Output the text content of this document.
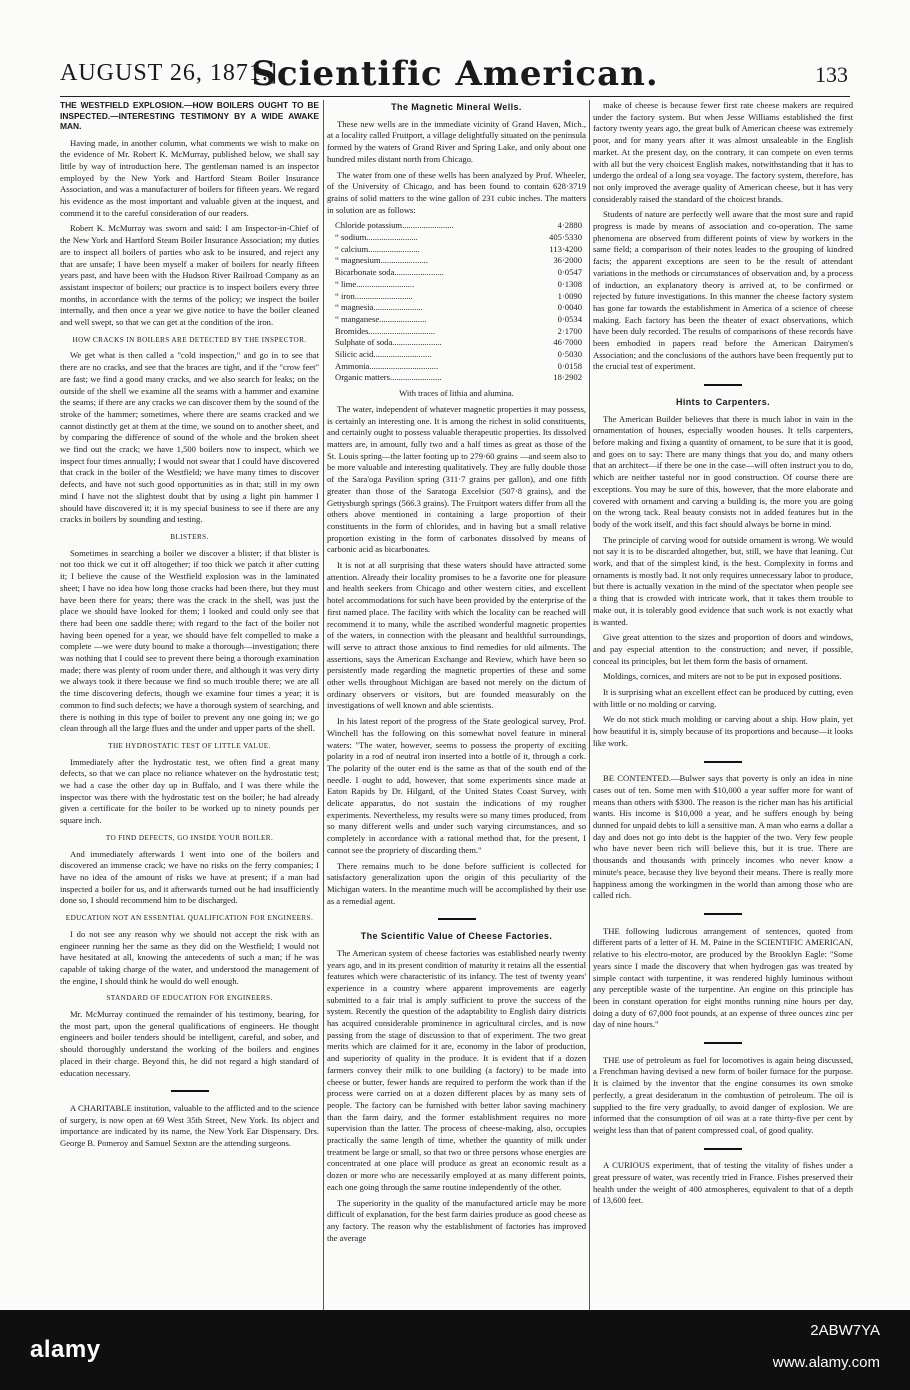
AUGUST 26, 1871.]
Scientific American.	133
THE WESTFIELD EXPLOSION.—HOW BOILERS OUGHT TO BE INSPECTED.—INTERESTING TESTIMONY BY A WIDE AWAKE MAN.

Having made, in another column, what comments we wish to make on the evidence of Mr. Robert K. McMurray, published below, we shall say little by way of introduction here. The gentleman named is an inspector employed by the New York and Hartford Steam Boiler Insurance Association, and was a manufacturer of boilers for fifteen years. We regard his evidence as the most important and valuable given at the inquest, and commend it to the careful consideration of our readers.

Robert K. McMurray was sworn and said: I am Inspector-in-Chief of the New York and Hartford Steam Boiler Insurance Association; my duties are to inspect all boilers of parties who ask to be insured, and reject any that are unsafe; I have been myself a maker of boilers for nearly fifteen years past, and have been with the Hudson River Railroad Company as an assistant inspector of boilers; our practice is to inspect boilers every three months, in accordance with the terms of the policy; we inspect the boiler internally, and then once a year we give notice to have the boiler cleaned and well swept, so that we can get at the condition of the iron.

HOW CRACKS IN BOILERS ARE DETECTED BY THE INSPECTOR.

We get what is then called a "cold inspection," and go in to see that there are no cracks, and see that the braces are tight, and if the "crow feet" are fast; we find a good many cracks, and we also search for leaks; on the outside of the shell we examine all the seams with a hammer and examine the seams; if there are any cracks we can discover them by the sound of the stroke of the hammer; sometimes, where there are seams cracked and we cannot distinctly get at them at the time, we sound on to another sheet, and by comparing the difference of sound of the whole and the broken sheet we find out the crack; we have 1,500 boilers now to inspect, which we inspect four times annually; I would not swear that I could have discovered that crack in the boiler of the Westfield; we have many times to discover defects, and have not such good opportunities as in that; still in my own mind I have not the slightest doubt that by using a light pin hammer I should have discovered it; it is my special business to see if there are any cracks in boilers by sounding and testing.

BLISTERS.

Sometimes in searching a boiler we discover a blister; if that blister is not too thick we cut it off altogether; if too thick we patch it after cutting it; I believe the cause of the Westfield explosion was in the laminated sheet; I have no idea how long those cracks had been there, but they must have been there for years; there was the crack in the shell, was just the place we should have looked for them; I looked and could only see that there had been one saddle there; with regard to the fact of the boiler not having been opened for a year, we should have felt compelled to make a complete —we were duty bound to make a thorough—investigation; there was nothing that I could see to prevent there being a thorough examination made; there was plenty of room under there, and although it was very dirty we always took it there because we find so much trouble there; we are all the time discovering defects, though we examine four times a year; it is common to find such defects; we have a thorough system of searching, and there is nothing in this type of boiler to prevent any one going in; we go clean through all the large flues and the under and upper parts of the shell.

THE HYDROSTATIC TEST OF LITTLE VALUE.

Immediately after the hydrostatic test, we often find a great many defects, so that we can place no reliance whatever on the hydrostatic test; we had a case the other day up in Buffalo, and I was there while the inspector was there with the hydrostatic test on the boiler; he had already given a certificate for the boiler to be worked up to ninety pounds per square inch.

TO FIND DEFECTS, GO INSIDE YOUR BOILER.

And immediately afterwards I went into one of the boilers and discovered an immense crack; we have no risks on the ferry companies; I have no idea of the amount of risks we have at present; if a man had inspected a boiler for us, and it afterwards turned out he had insufficiently done so, I should recommend him to be discharged.

EDUCATION NOT AN ESSENTIAL QUALIFICATION FOR ENGINEERS.

I do not see any reason why we should not accept the risk with an engineer running her the same as they did on the Westfield; I would not have hesitated at all, knowing the antecedents of such a man; if he was capable of taking charge of the water, and understood the management of the engine, I should think he would do well enough.

STANDARD OF EDUCATION FOR ENGINEERS.

Mr. McMurray continued the remainder of his testimony, bearing, for the most part, upon the general qualifications of engineers. He thought engineers and boiler tenders should be intelligent, careful, and sober, and should thoroughly understand the working of the boilers and engines placed in their charge. Beyond this, he did not regard a high standard of education necessary.

A CHARITABLE institution, valuable to the afflicted and to the science of surgery, is now open at 69 West 35th Street, New York. Its object and importance are indicated by its name, the New York Ear Dispensary. Drs. George B. Pomeroy and Samuel Sexton are the attending surgeons.

The Magnetic Mineral Wells.

These new wells are in the immediate vicinity of Grand Haven, Mich., at a locality called Fruitport, a village delightfully situated on the peninsula formed by the waters of Grand River and Spring Lake, and only about one hundred miles distant north from Chicago.

The water from one of these wells has been analyzed by Prof. Wheeler, of the University of Chicago, and has been found to contain 628·3719 grains of solid matters to the wine gallon of 231 cubic inches. The matters in solution are as follows:

Chloride potassium........................	4·2880
“ sodium........................	405·5330
“ calcium........................	113·4200
“ magnesium......................	36·2000
Bicarbonate soda.......................	0·0547
“ lime...........................	0·1308
“ iron...........................	1·0090
“ magnesia.......................	0·0040
“ manganese......................	0·0534
Bromides...............................	2·1700
Sulphate of soda.......................	46·7000
Silicic acid...........................	0·5030
Ammonia................................	0·0158
Organic matters........................	18·2902
With traces of lithia and alumina.

The water, independent of whatever magnetic properties it may possess, is certainly an interesting one. It is among the richest in solid constituents, and certainly ought to possess valuable therapeutic properties. Its dissolved matters are, in amount, fully two and a half times as great as those of the St. Louis spring—the latter footing up to 279·60 grains —and seem also to be more valuable and interesting qualitatively. They are fully double those of the Sara'oga Pavilion spring (311·7 grains per gallon), and one fifth greater than those of the Saratoga Excelsior (507·8 grains), and the Gettysburgh springs (566.3 grains). The Fruitport waters differ from all the others above mentioned in containing a large proportion of their constituents in the form of chlorides, and in having but a small relative proportion existing in the form of carbonates dissolved by means of carbonic acid as bicarbonates.

It is not at all surprising that these waters should have attracted some attention. Already their locality promises to be a favorite one for pleasure and health seekers from Chicago and other western cities, and excellent hotel accommodations for such have been provided by the enterprise of the first named place. The facility with which the locality can be reached will recommend it to many, while the ascribed wonderful magnetic properties of the waters, in connection with the pleasant and healthful surroundings, will serve to attract those anxious to find remedies for old ailments. The assertions, says the American Exchange and Review, which have been so persistently made regarding the magnetic properties of these and some other wells throughout Michigan are based not merely on the dictum of ordinary observers or visitors, but are founded measurably on the investigations of well known and able scientists.

In his latest report of the progress of the State geological survey, Prof. Winchell has the following on this somewhat novel feature in mineral waters: "The water, however, seems to possess the property of exciting polarity in a rod of neutral iron inserted into a bottle of it, through a cork. The polarity of the outer end is the same as that of the south end of the needle. I ought to add, however, that some experiments since made at Eaton Rapids by Dr. Hilgard, of the United States Coast Survey, with delicate apparatus, do not sustain the indications of my rougher experiments. Nevertheless, my results were so many times produced, from so many different wells and under such varying circumstances, and so completely in accordance with a rational method that, for the present, I cannot see the propriety of discarding them."

There remains much to be done before sufficient is collected for satisfactory generalization upon the origin of this peculiarity of the Michigan waters. In the meantime much will be accomplished by their use as a remedial agent.

The Scientific Value of Cheese Factories.

The American system of cheese factories was established nearly twenty years ago, and in its present condition of maturity it retains all the essential features which were characteristic of its infancy. The test of twenty years' experience in a country where apparent improvements are eagerly submitted to a fair trial is amply sufficient to prove the success of the system. Recently the question of the adaptability to English dairy districts has acquired considerable prominence in agricultural circles, and is now passing from the stage of discussion to that of experiment. The two great merits which are claimed for it are, economy in the labor of production, and superiority of quality in the produce. It is evident that if a dozen farmers convey their milk to one building (a factory) to be made into cheese or butter, fewer hands are required to perform the work than if the process were carried on at a dozen different places by as many sets of people. The factory can be furnished with better labor saving machinery than the farm dairy, and the former establishment requires no more supervision than the latter. The process of cheese-making, also, occupies practically the same length of time, whether the quantity of milk under treatment be large or small, so that two or three persons whose energies are concentrated at one place will produce as great an economic result as a dozen or more who are necessarily employed at as many different points, each one going through the same routine independently of the other.

The superiority in the quality of the manufactured article may be more difficult of explanation, for the best farm dairies produce as good cheese as any factory. The reason why the establishment of factories has improved the average

make of cheese is because fewer first rate cheese makers are required under the factory system. But when Jesse Williams established the first factory twenty years ago, the great bulk of American cheese was extremely poor, and for many years after it was almost unsaleable in the English market. At the present day, on the contrary, it can compete on even terms with all but the very choicest English makes, notwithstanding that it has to undergo the ordeal of a long sea voyage. The factory system, therefore, has not only improved the average quality of American cheese, but it has very considerably raised the standard of the choicest brands.

Students of nature are perfectly well aware that the most sure and rapid progress is made by means of association and co-operation. The same phenomena are observed from different points of view by workers in the same field; a comparison of their notes leades to the grouping of kindred facts; the apparent exceptions are seen to be the result of attendant variations in the methods or circumstances of observation and, by a process of induction, an explanatory theory is arrived at, to be confirmed or rejected by future investigations. In this manner the cheese factory system has gone far towards the establishment in America of a science of cheese making. Each factory has been the theater of exact observations, which have been duly recorded. The results of comparisons of these records have been embodied in papers read before the American Dairymen's Association; and the conclusions of the authors have been frequently put to the crucial test of experiment.

Hints to Carpenters.

The American Builder believes that there is much labor in vain in the ornamentation of houses, especially wooden houses. It tells carpenters, before making and fixing a quantity of ornament, to be sure that it is good, and goes on to say: There are many things that you do, and many others that an architect—if there be one in the case—will often instruct you to do, which are neither tasteful nor in good construction. Of course there are exceptions. You may be sure of this, however, that the more elaborate and covered with ornament and carving a building is, the more you are going on the wrong tack. Real beauty consists not in added features but in the body of the work itself, and this fact should always be borne in mind.

The principle of carving wood for outside ornament is wrong. We would not say it is to be discarded altogether, but, still, we have that leaning. Cut work, and that of the simplest kind, is the best. Complexity in forms and ornaments is mostly bad. It not only requires unnecessary labor to produce, but there is actually vexation in the mind of the spectator when people see a thing that is crowded with intricate work, that it takes them trouble to make out, it is tolerably good evidence that such work is not exactly what is wanted.

Give great attention to the sizes and proportion of doors and windows, and pay especial attention to the construction; and never, if possible, conceal its principles, but let them form the basis of ornament.

Moldings, cornices, and miters are not to be put in exposed positions.

It is surprising what an excellent effect can be produced by cutting, even with little or no molding or carving.

We do not stick much molding or carving about a ship. How plain, yet how beautiful it is, simply because of its proportions and because—it looks like work.

BE CONTENTED.—Bulwer says that poverty is only an idea in nine cases out of ten. Some men with $10,000 a year suffer more for want of means than others with $300. The reason is the richer man has his artificial wants. His income is $10,000 a year, and he suffers enough by being dunned for unpaid debts to kill a sensitive man. A man who earns a dollar a day and does not go into debt is the happier of the two. Very few people who have never been rich will believe this, but it is true. There are thousands and thousands with princely incomes who never know a minute's peace, because they live beyond their means. There is really more happiness among the workingmen in the world than among those who are called rich.

THE following ludicrous arrangement of sentences, quoted from different parts of a letter of H. M. Paine in the SCIENTIFIC AMERICAN, relative to his electro-motor, are produced by the Brooklyn Eagle: "Some years since I made the discovery that when hydrogen gas was treated by simple contact with turpentine, it was rendered highly luminous without any perceptible waste of the turpentine. An engine on this principle has been in constant operation for eight months running nine hours per day, doing a duty of 67,000 foot pounds, at an expense of three ounces zinc per day of nine hours."

THE use of petroleum as fuel for locomotives is again being discussed, a Frenchman having devised a new form of boiler furnace for the purpose. It is claimed by the inventor that the engine consumes its own smoke perfectly, a great desideratum in the combustion of petroleum. The oil is supplied to the fire very gradually, to avoid danger of explosion. We are informed that the consumption of oil was at a rate thirty-five per cent by weight less than that of patent compressed coal, of good quality.

A CURIOUS experiment, that of testing the vitality of fishes under a great pressure of water, was recently tried in France. Fishes preserved their health under the weight of 400 atmospheres, equivalent to that of a depth of 13,600 feet.

alamy
2ABW7YA
www.alamy.com
